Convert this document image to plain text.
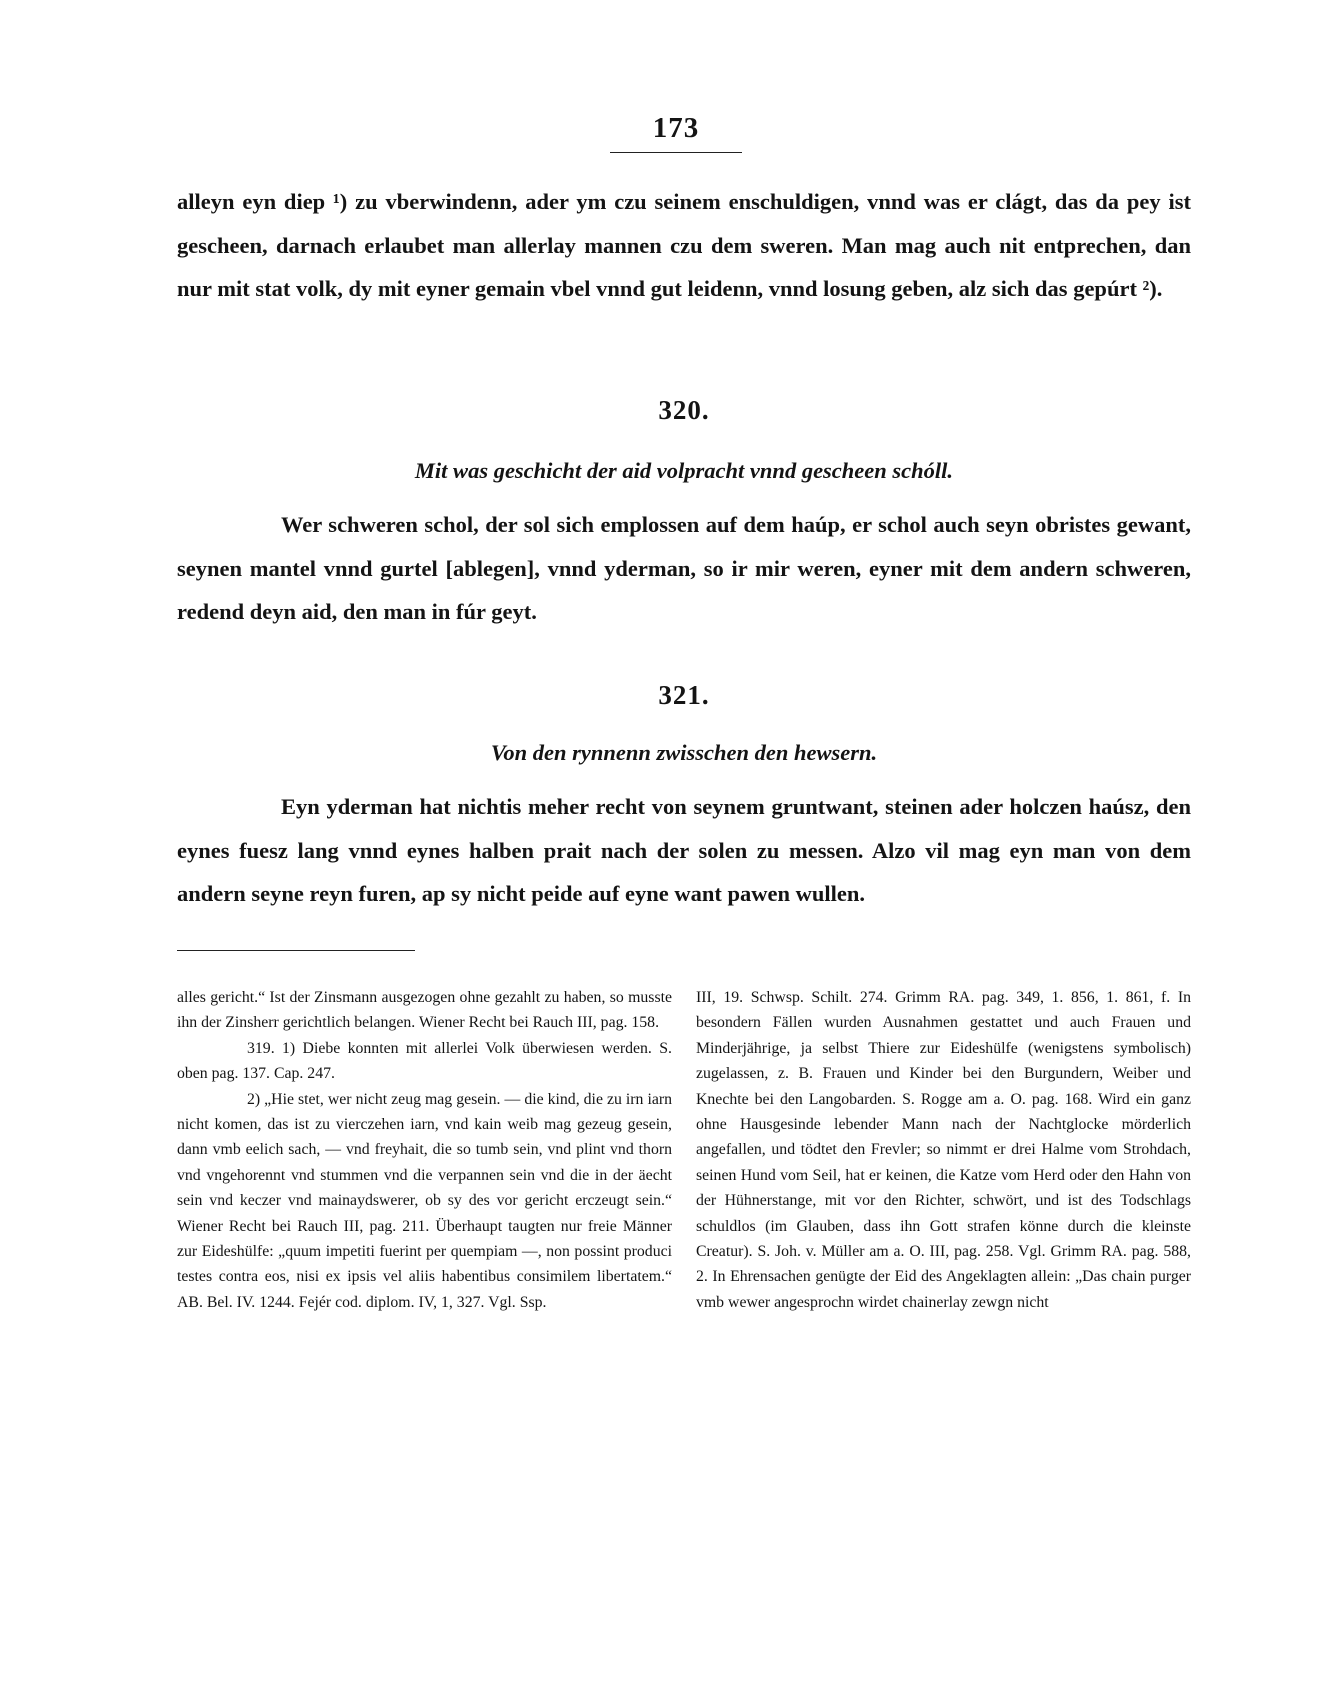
173

alleyn eyn diep ¹) zu vberwindenn, ader ym czu seinem enschuldigen, vnnd was er clágt, das da pey ist gescheen, darnach erlaubet man allerlay mannen czu dem sweren. Man mag auch nit entprechen, dan nur mit stat volk, dy mit eyner gemain vbel vnnd gut leidenn, vnnd losung geben, alz sich das gepúrt ²).

320.
Mit was geschicht der aid volpracht vnnd gescheen schóll.

Wer schweren schol, der sol sich emplossen auf dem haúp, er schol auch seyn obristes gewant, seynen mantel vnnd gurtel [ablegen], vnnd yderman, so ir mir weren, eyner mit dem andern schweren, redend deyn aid, den man in fúr geyt.

321.
Von den rynnenn zwisschen den hewsern.

Eyn yderman hat nichtis meher recht von seynem gruntwant, steinen ader holczen haúsz, den eynes fuesz lang vnnd eynes halben prait nach der solen zu messen. Alzo vil mag eyn man von dem andern seyne reyn furen, ap sy nicht peide auf eyne want pawen wullen.

alles gericht.“ Ist der Zinsmann ausgezogen ohne gezahlt zu haben, so musste ihn der Zinsherr gerichtlich belangen. Wiener Recht bei Rauch III, pag. 158.

319. 1) Diebe konnten mit allerlei Volk überwiesen werden. S. oben pag. 137. Cap. 247.

2) „Hie stet, wer nicht zeug mag gesein. — die kind, die zu irn iarn nicht komen, das ist zu vierczehen iarn, vnd kain weib mag gezeug gesein, dann vmb eelich sach, — vnd freyhait, die so tumb sein, vnd plint vnd thorn vnd vngehorennt vnd stummen vnd die verpannen sein vnd die in der äecht sein vnd keczer vnd mainaydswerer, ob sy des vor gericht erczeugt sein.“ Wiener Recht bei Rauch III, pag. 211. Überhaupt taugten nur freie Männer zur Eideshülfe: „quum impetiti fuerint per quempiam —, non possint produci testes contra eos, nisi ex ipsis vel aliis habentibus consimilem libertatem.“ AB. Bel. IV. 1244. Fejér cod. diplom. IV, 1, 327. Vgl. Ssp.

III, 19. Schwsp. Schilt. 274. Grimm RA. pag. 349, 1. 856, 1. 861, f. In besondern Fällen wurden Ausnahmen gestattet und auch Frauen und Minderjährige, ja selbst Thiere zur Eideshülfe (wenigstens symbolisch) zugelassen, z. B. Frauen und Kinder bei den Burgundern, Weiber und Knechte bei den Langobarden. S. Rogge am a. O. pag. 168. Wird ein ganz ohne Hausgesinde lebender Mann nach der Nachtglocke mörderlich angefallen, und tödtet den Frevler; so nimmt er drei Halme vom Strohdach, seinen Hund vom Seil, hat er keinen, die Katze vom Herd oder den Hahn von der Hühnerstange, mit vor den Richter, schwört, und ist des Todschlags schuldlos (im Glauben, dass ihn Gott strafen könne durch die kleinste Creatur). S. Joh. v. Müller am a. O. III, pag. 258. Vgl. Grimm RA. pag. 588, 2. In Ehrensachen genügte der Eid des Angeklagten allein: „Das chain purger vmb wewer angesprochn wirdet chainerlay zewgn nicht
